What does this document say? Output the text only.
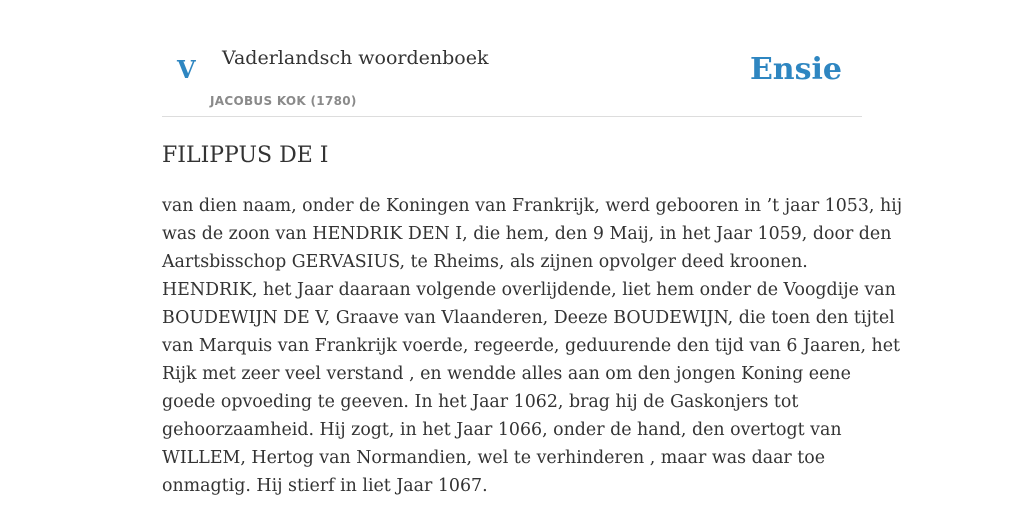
V Vaderlandsch woordenboek
JACOBUS KOK (1780)
Ensie
FILIPPUS DE I
van dien naam, onder de Koningen van Frankrijk, werd gebooren in ’t jaar 1053, hij
was de zoon van HENDRIK DEN I, die hem, den 9 Maij, in het Jaar 1059, door den
Aartsbisschop GERVASIUS, te Rheims, als zijnen opvolger deed kroonen.
HENDRIK, het Jaar daaraan volgende overlijdende, liet hem onder de Voogdije van
BOUDEWIJN DE V, Graave van Vlaanderen, Deeze BOUDEWIJN, die toen den tijtel
van Marquis van Frankrijk voerde, regeerde, geduurende den tijd van 6 Jaaren, het
Rijk met zeer veel verstand , en wendde alles aan om den jongen Koning eene
goede opvoeding te geeven. In het Jaar 1062, brag hij de Gaskonjers tot
gehoorzaamheid. Hij zogt, in het Jaar 1066, onder de hand, den overtogt van
WILLEM, Hertog van Normandien, wel te verhinderen , maar was daar toe
onmagtig. Hij stierf in liet Jaar 1067.
